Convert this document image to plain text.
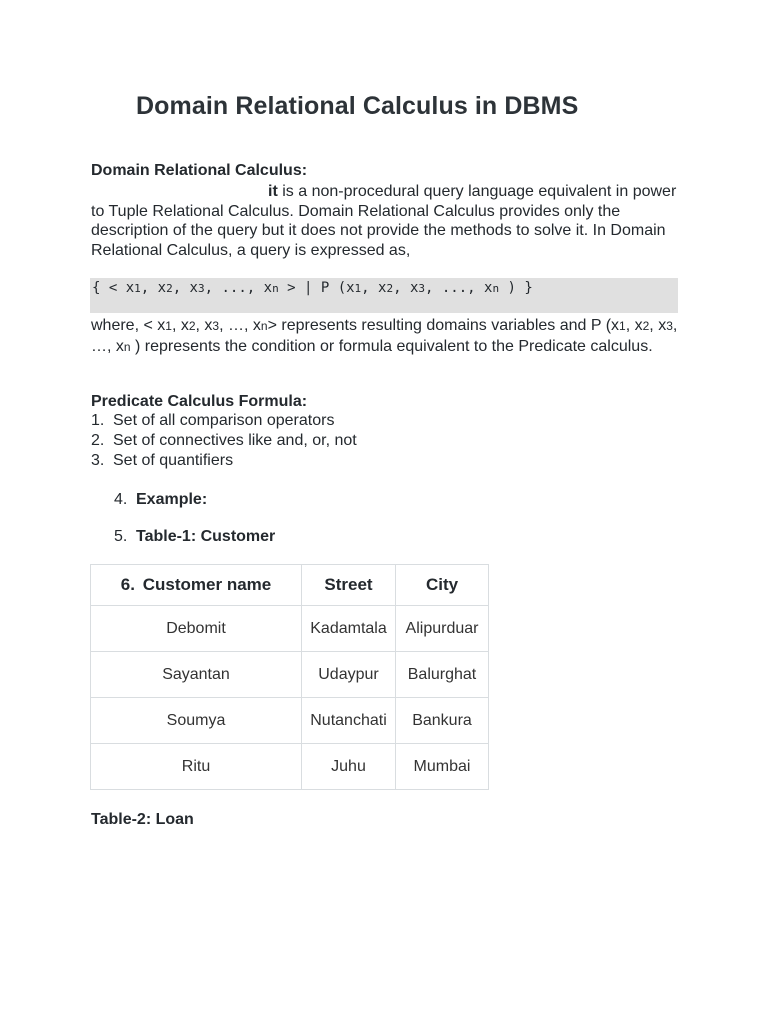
Domain Relational Calculus in DBMS

Domain Relational Calculus:

it is a non-procedural query language equivalent in power to Tuple Relational Calculus. Domain Relational Calculus provides only the description of the query but it does not provide the methods to solve it. In Domain Relational Calculus, a query is expressed as,

{ < x1, x2, x3, ..., xn > | P (x1, x2, x3, ..., xn ) }

where, < x1, x2, x3, …, xn> represents resulting domains variables and P (x1, x2, x3, …, xn ) represents the condition or formula equivalent to the Predicate calculus.

Predicate Calculus Formula:

1. Set of all comparison operators
2. Set of connectives like and, or, not
3. Set of quantifiers
4. Example:
5. Table-1: Customer
6. Customer name	Street	City
Debomit	Kadamtala	Alipurduar
Sayantan	Udaypur	Balurghat
Soumya	Nutanchati	Bankura
Ritu	Juhu	Mumbai

Table-2: Loan
